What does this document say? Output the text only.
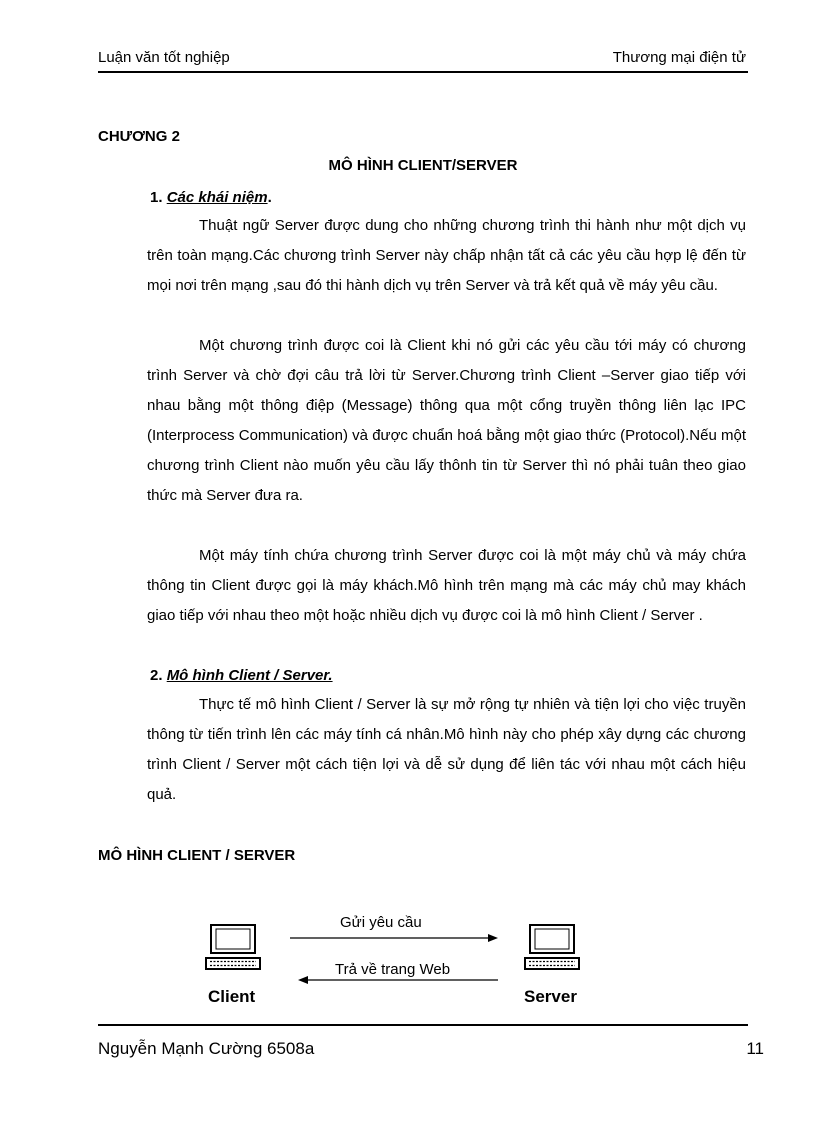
Luận văn tốt nghiệp	Thương mại điện tử
CHƯƠNG 2
MÔ HÌNH CLIENT/SERVER
1. Các khái niệm.

Thuật ngữ Server được dung cho những chương trình thi hành như một dịch vụ trên toàn mạng.Các chương trình Server này chấp nhận tất cả các yêu cầu hợp lệ đến từ mọi nơi trên mạng ,sau đó thi hành dịch vụ trên Server và trả kết quả về máy yêu cầu.

Một chương trình được coi là Client khi nó gửi các yêu cầu tới máy có chương trình Server và chờ đợi câu trả lời từ Server.Chương trình Client –Server giao tiếp với nhau bằng một thông điệp (Message) thông qua một cổng truyền thông liên lạc IPC (Interprocess Communication) và được chuẩn hoá bằng một giao thức (Protocol).Nếu một chương trình Client nào muốn yêu cầu lấy thônh tin từ Server thì nó phải tuân theo giao thức mà Server đưa ra.

Một máy tính chứa chương trình Server được coi là một máy chủ và máy chứa thông tin Client được gọi là máy khách.Mô hình trên mạng mà các máy chủ may khách giao tiếp với nhau theo một hoặc nhiều dịch vụ được coi là mô hình Client / Server .

2. Mô hình Client / Server.

Thực tế mô hình Client / Server là sự mở rộng tự nhiên và tiện lợi cho việc truyền thông từ tiến trình lên các máy tính cá nhân.Mô hình này cho phép xây dựng các chương trình Client / Server một cách tiện lợi và dễ sử dụng để liên tác với nhau một cách hiệu quả.

MÔ HÌNH CLIENT / SERVER
Gửi yêu cầu
Trả về trang Web
Client	Server
Nguyễn Mạnh Cường 6508a	11
